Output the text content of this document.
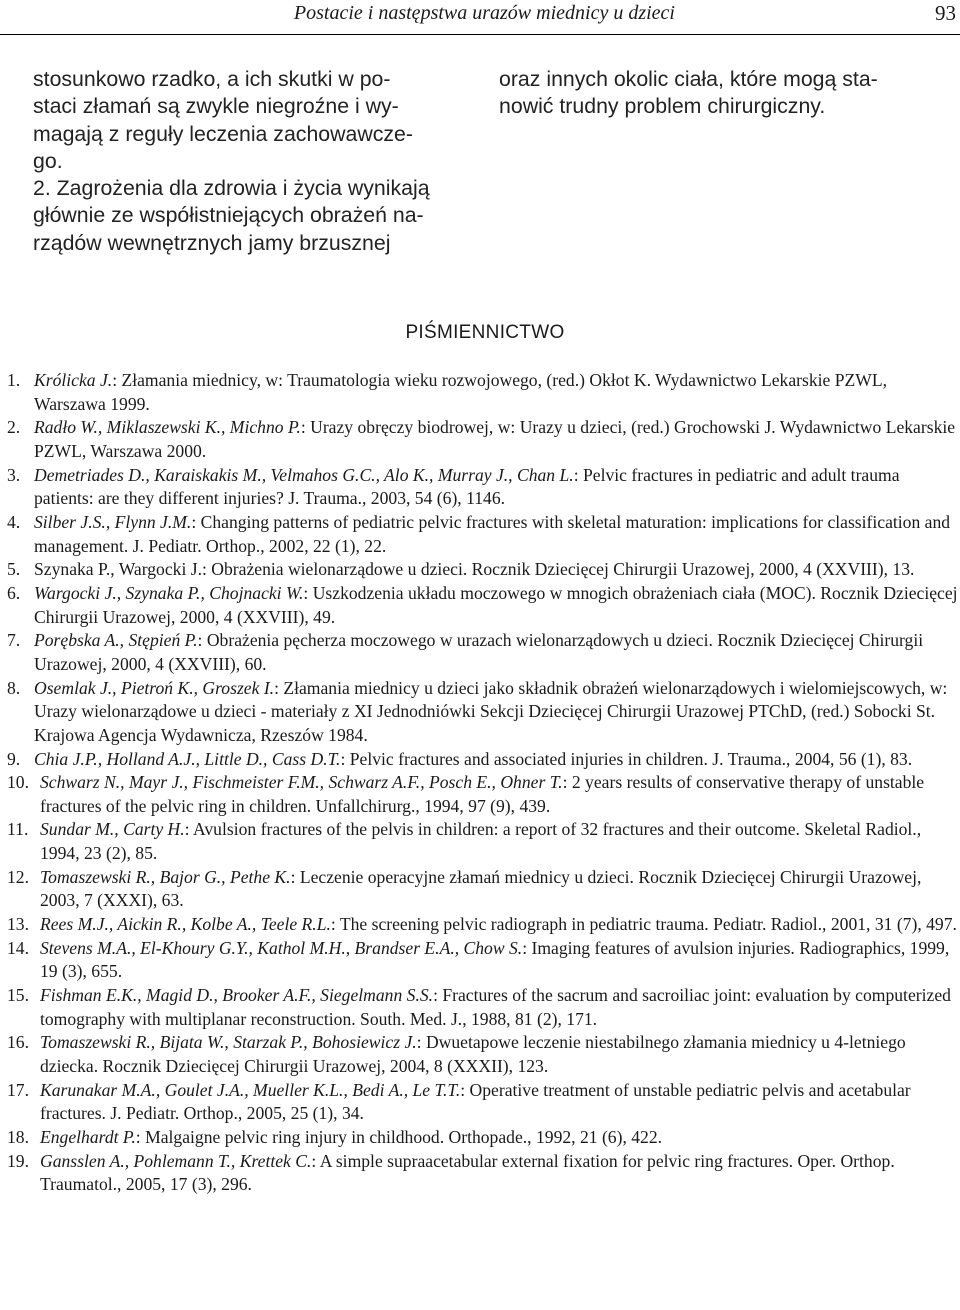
Postacie i następstwa urazów miednicy u dzieci	93

stosunkowo rzadko, a ich skutki w po-

staci złamań są zwykle niegroźne i wy-

magają z reguły leczenia zachowawcze-

go.

2. Zagrożenia dla zdrowia i życia wynikają

głównie ze współistniejących obrażeń na-

rządów wewnętrznych jamy brzusznej

oraz innych okolic ciała, które mogą sta-

nowić trudny problem chirurgiczny.

PIŚMIENNICTWO
1. Królicka J.: Złamania miednicy, w: Traumatologia wieku rozwojowego, (red.) Okłot K. Wydawnictwo Lekarskie PZWL, Warszawa 1999.
2. Radło W., Miklaszewski K., Michno P.: Urazy obręczy biodrowej, w: Urazy u dzieci, (red.) Grochowski J. Wydawnictwo Lekarskie PZWL, Warszawa 2000.
3. Demetriades D., Karaiskakis M., Velmahos G.C., Alo K., Murray J., Chan L.: Pelvic fractures in pediatric and adult trauma patients: are they different injuries? J. Trauma., 2003, 54 (6), 1146.
4. Silber J.S., Flynn J.M.: Changing patterns of pediatric pelvic fractures with skeletal maturation: implications for classification and management. J. Pediatr. Orthop., 2002, 22 (1), 22.
5. Szynaka P., Wargocki J.: Obrażenia wielonarządowe u dzieci. Rocznik Dziecięcej Chirurgii Urazowej, 2000, 4 (XXVIII), 13.
6. Wargocki J., Szynaka P., Chojnacki W.: Uszkodzenia układu moczowego w mnogich obrażeniach ciała (MOC). Rocznik Dziecięcej Chirurgii Urazowej, 2000, 4 (XXVIII), 49.
7. Porębska A., Stępień P.: Obrażenia pęcherza moczowego w urazach wielonarządowych u dzieci. Rocznik Dziecięcej Chirurgii Urazowej, 2000, 4 (XXVIII), 60.
8. Osemlak J., Pietroń K., Groszek I.: Złamania miednicy u dzieci jako składnik obrażeń wielonarządowych i wielomiejscowych, w: Urazy wielonarządowe u dzieci - materiały z XI Jednodniówki Sekcji Dziecięcej Chirurgii Urazowej PTChD, (red.) Sobocki St. Krajowa Agencja Wydawnicza, Rzeszów 1984.
9. Chia J.P., Holland A.J., Little D., Cass D.T.: Pelvic fractures and associated injuries in children. J. Trauma., 2004, 56 (1), 83.
10. Schwarz N., Mayr J., Fischmeister F.M., Schwarz A.F., Posch E., Ohner T.: 2 years results of conservative therapy of unstable fractures of the pelvic ring in children. Unfallchirurg., 1994, 97 (9), 439.
11. Sundar M., Carty H.: Avulsion fractures of the pelvis in children: a report of 32 fractures and their outcome. Skeletal Radiol., 1994, 23 (2), 85.
12. Tomaszewski R., Bajor G., Pethe K.: Leczenie operacyjne złamań miednicy u dzieci. Rocznik Dziecięcej Chirurgii Urazowej, 2003, 7 (XXXI), 63.
13. Rees M.J., Aickin R., Kolbe A., Teele R.L.: The screening pelvic radiograph in pediatric trauma. Pediatr. Radiol., 2001, 31 (7), 497.
14. Stevens M.A., El-Khoury G.Y., Kathol M.H., Brandser E.A., Chow S.: Imaging features of avulsion injuries. Radiographics, 1999, 19 (3), 655.
15. Fishman E.K., Magid D., Brooker A.F., Siegelmann S.S.: Fractures of the sacrum and sacroiliac joint: evaluation by computerized tomography with multiplanar reconstruction. South. Med. J., 1988, 81 (2), 171.
16. Tomaszewski R., Bijata W., Starzak P., Bohosiewicz J.: Dwuetapowe leczenie niestabilnego złamania miednicy u 4-letniego dziecka. Rocznik Dziecięcej Chirurgii Urazowej, 2004, 8 (XXXII), 123.
17. Karunakar M.A., Goulet J.A., Mueller K.L., Bedi A., Le T.T.: Operative treatment of unstable pediatric pelvis and acetabular fractures. J. Pediatr. Orthop., 2005, 25 (1), 34.
18. Engelhardt P.: Malgaigne pelvic ring injury in childhood. Orthopade., 1992, 21 (6), 422.
19. Gansslen A., Pohlemann T., Krettek C.: A simple supraacetabular external fixation for pelvic ring fractures. Oper. Orthop. Traumatol., 2005, 17 (3), 296.
